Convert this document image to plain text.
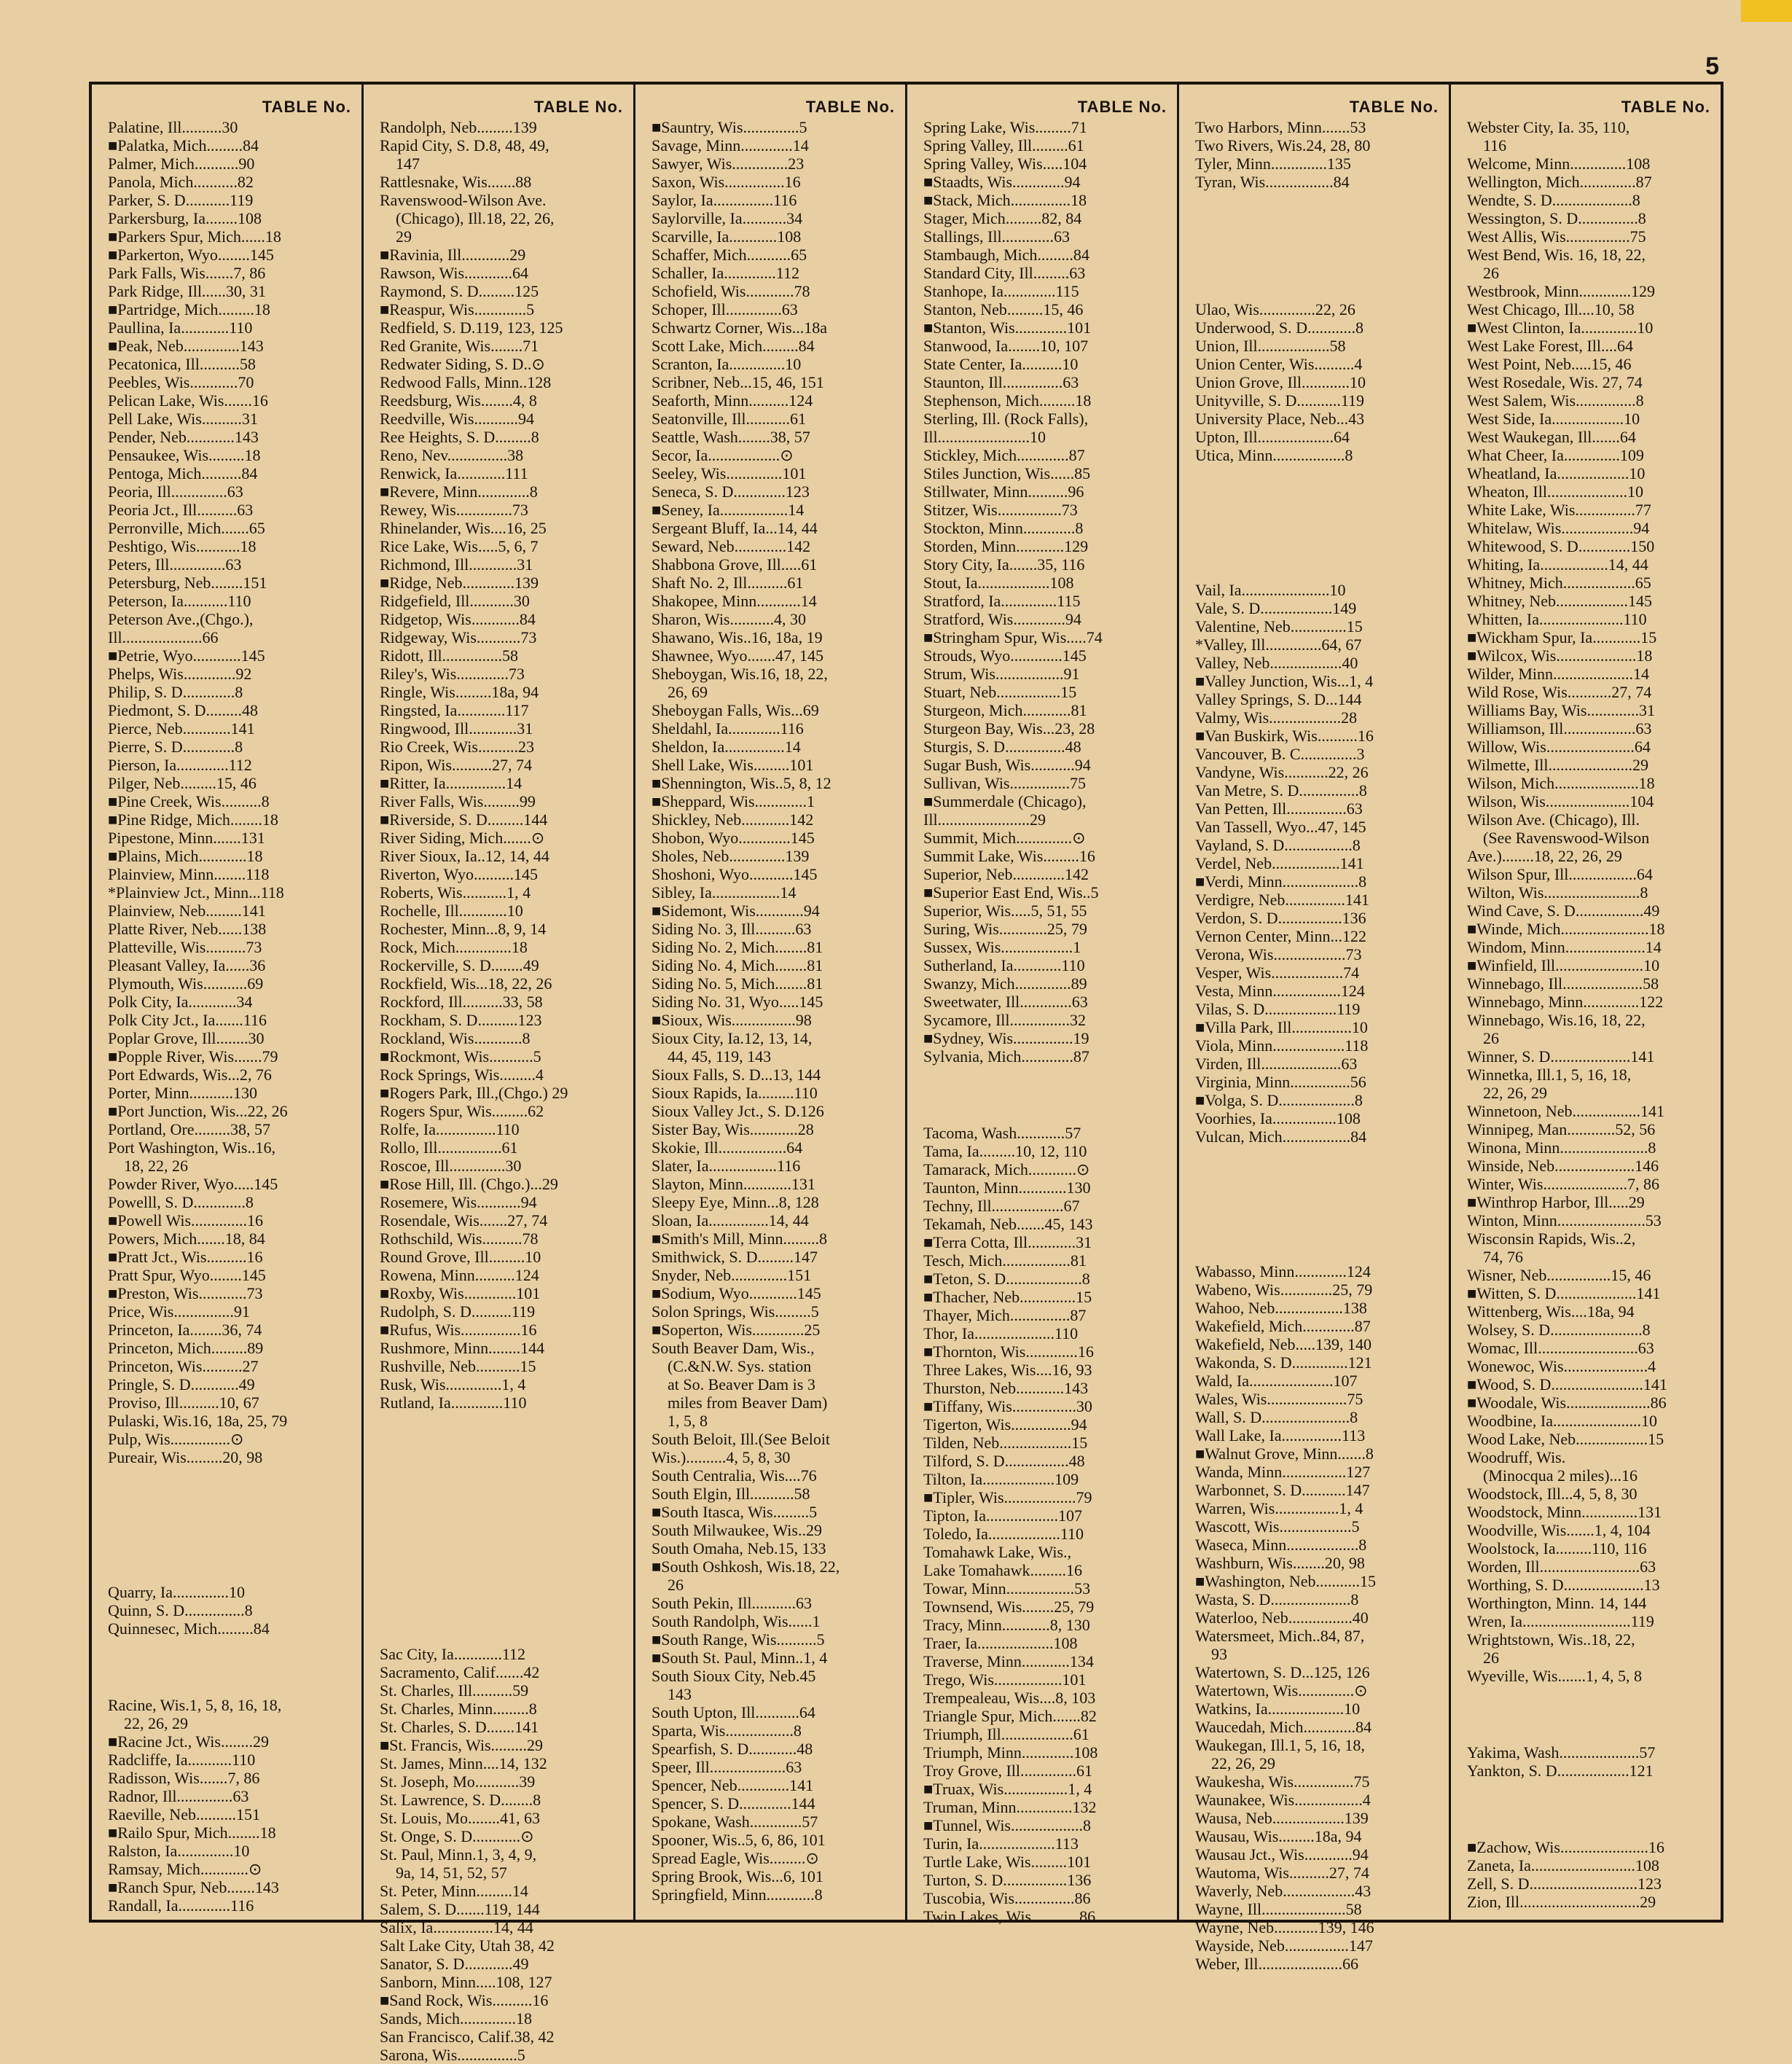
5
TABLE No.
Palatine, Ill..........30
■Palatka, Mich.........84
Palmer, Mich...........90
Panola, Mich...........82
Parker, S. D...........119
Parkersburg, Ia........108
■Parkers Spur, Mich......18
■Parkerton, Wyo........145
Park Falls, Wis.......7, 86
Park Ridge, Ill......30, 31
■Partridge, Mich.........18
Paullina, Ia............110
■Peak, Neb..............143
Pecatonica, Ill..........58
Peebles, Wis............70
Pelican Lake, Wis.......16
Pell Lake, Wis..........31
Pender, Neb............143
Pensaukee, Wis.........18
Pentoga, Mich..........84
Peoria, Ill..............63
Peoria Jct., Ill..........63
Perronville, Mich.......65
Peshtigo, Wis...........18
Peters, Ill..............63
Petersburg, Neb........151
Peterson, Ia...........110
Peterson Ave.,(Chgo.),
Ill....................66
■Petrie, Wyo............145
Phelps, Wis.............92
Philip, S. D.............8
Piedmont, S. D.........48
Pierce, Neb............141
Pierre, S. D.............8
Pierson, Ia.............112
Pilger, Neb.........15, 46
■Pine Creek, Wis..........8
■Pine Ridge, Mich........18
Pipestone, Minn.......131
■Plains, Mich............18
Plainview, Minn........118
*Plainview Jct., Minn...118
Plainview, Neb.........141
Platte River, Neb......138
Platteville, Wis..........73
Pleasant Valley, Ia......36
Plymouth, Wis...........69
Polk City, Ia............34
Polk City Jct., Ia.......116
Poplar Grove, Ill........30
■Popple River, Wis.......79
Port Edwards, Wis...2, 76
Porter, Minn...........130
■Port Junction, Wis...22, 26
Portland, Ore.........38, 57
Port Washington, Wis..16,
18, 22, 26
Powder River, Wyo.....145
Powelll, S. D.............8
■Powell Wis..............16
Powers, Mich.......18, 84
■Pratt Jct., Wis..........16
Pratt Spur, Wyo........145
■Preston, Wis............73
Price, Wis...............91
Princeton, Ia........36, 74
Princeton, Mich.........89
Princeton, Wis..........27
Pringle, S. D............49
Proviso, Ill..........10, 67
Pulaski, Wis.16, 18a, 25, 79
Pulp, Wis...............⊙
Pureair, Wis.........20, 98
Quarry, Ia..............10
Quinn, S. D...............8
Quinnesec, Mich.........84
Racine, Wis.1, 5, 8, 16, 18,
22, 26, 29
■Racine Jct., Wis........29
Radcliffe, Ia...........110
Radisson, Wis.......7, 86
Radnor, Ill..............63
Raeville, Neb..........151
■Railo Spur, Mich........18
Ralston, Ia..............10
Ramsay, Mich............⊙
■Ranch Spur, Neb.......143
Randall, Ia.............116
TABLE No.
Randolph, Neb.........139
Rapid City, S. D.8, 48, 49,
147
Rattlesnake, Wis.......88
Ravenswood-Wilson Ave.
(Chicago), Ill.18, 22, 26,
29
■Ravinia, Ill............29
Rawson, Wis............64
Raymond, S. D.........125
■Reaspur, Wis.............5
Redfield, S. D.119, 123, 125
Red Granite, Wis........71
Redwater Siding, S. D..⊙
Redwood Falls, Minn..128
Reedsburg, Wis........4, 8
Reedville, Wis...........94
Ree Heights, S. D.........8
Reno, Nev...............38
Renwick, Ia............111
■Revere, Minn.............8
Rewey, Wis..............73
Rhinelander, Wis....16, 25
Rice Lake, Wis.....5, 6, 7
Richmond, Ill............31
■Ridge, Neb.............139
Ridgefield, Ill...........30
Ridgetop, Wis............84
Ridgeway, Wis...........73
Ridott, Ill...............58
Riley's, Wis.............73
Ringle, Wis.........18a, 94
Ringsted, Ia............117
Ringwood, Ill............31
Rio Creek, Wis..........23
Ripon, Wis..........27, 74
■Ritter, Ia...............14
River Falls, Wis.........99
■Riverside, S. D.........144
River Siding, Mich.......⊙
River Sioux, Ia..12, 14, 44
Riverton, Wyo..........145
Roberts, Wis...........1, 4
Rochelle, Ill............10
Rochester, Minn...8, 9, 14
Rock, Mich..............18
Rockerville, S. D........49
Rockfield, Wis...18, 22, 26
Rockford, Ill..........33, 58
Rockham, S. D..........123
Rockland, Wis............8
■Rockmont, Wis...........5
Rock Springs, Wis.........4
■Rogers Park, Ill.,(Chgo.) 29
Rogers Spur, Wis.........62
Rolfe, Ia...............110
Rollo, Ill................61
Roscoe, Ill..............30
■Rose Hill, Ill. (Chgo.)...29
Rosemere, Wis...........94
Rosendale, Wis.......27, 74
Rothschild, Wis..........78
Round Grove, Ill.........10
Rowena, Minn..........124
■Roxby, Wis.............101
Rudolph, S. D..........119
■Rufus, Wis...............16
Rushmore, Minn........144
Rushville, Neb...........15
Rusk, Wis..............1, 4
Rutland, Ia.............110
Sac City, Ia............112
Sacramento, Calif.......42
St. Charles, Ill..........59
St. Charles, Minn.........8
St. Charles, S. D.......141
■St. Francis, Wis.........29
St. James, Minn....14, 132
St. Joseph, Mo...........39
St. Lawrence, S. D........8
St. Louis, Mo........41, 63
St. Onge, S. D............⊙
St. Paul, Minn.1, 3, 4, 9,
9a, 14, 51, 52, 57
St. Peter, Minn.........14
Salem, S. D.......119, 144
Salix, Ia...............14, 44
Salt Lake City, Utah 38, 42
Sanator, S. D............49
Sanborn, Minn.....108, 127
■Sand Rock, Wis..........16
Sands, Mich..............18
San Francisco, Calif.38, 42
Sarona, Wis...............5
TABLE No.
■Sauntry, Wis..............5
Savage, Minn.............14
Sawyer, Wis..............23
Saxon, Wis...............16
Saylor, Ia...............116
Saylorville, Ia...........34
Scarville, Ia............108
Schaffer, Mich...........65
Schaller, Ia.............112
Schofield, Wis............78
Schoper, Ill..............63
Schwartz Corner, Wis...18a
Scott Lake, Mich.........84
Scranton, Ia..............10
Scribner, Neb...15, 46, 151
Seaforth, Minn..........124
Seatonville, Ill...........61
Seattle, Wash........38, 57
Secor, Ia..................⊙
Seeley, Wis..............101
Seneca, S. D.............123
■Seney, Ia.................14
Sergeant Bluff, Ia...14, 44
Seward, Neb.............142
Shabbona Grove, Ill.....61
Shaft No. 2, Ill..........61
Shakopee, Minn...........14
Sharon, Wis...........4, 30
Shawano, Wis..16, 18a, 19
Shawnee, Wyo.......47, 145
Sheboygan, Wis.16, 18, 22,
26, 69
Sheboygan Falls, Wis...69
Sheldahl, Ia.............116
Sheldon, Ia...............14
Shell Lake, Wis.........101
■Shennington, Wis..5, 8, 12
■Sheppard, Wis.............1
Shickley, Neb............142
Shobon, Wyo.............145
Sholes, Neb..............139
Shoshoni, Wyo...........145
Sibley, Ia.................14
■Sidemont, Wis............94
Siding No. 3, Ill..........63
Siding No. 2, Mich........81
Siding No. 4, Mich........81
Siding No. 5, Mich........81
Siding No. 31, Wyo.....145
■Sioux, Wis................98
Sioux City, Ia.12, 13, 14,
44, 45, 119, 143
Sioux Falls, S. D...13, 144
Sioux Rapids, Ia.........110
Sioux Valley Jct., S. D.126
Sister Bay, Wis............28
Skokie, Ill.................64
Slater, Ia.................116
Slayton, Minn............131
Sleepy Eye, Minn...8, 128
Sloan, Ia...............14, 44
■Smith's Mill, Minn.........8
Smithwick, S. D.........147
Snyder, Neb..............151
■Sodium, Wyo............145
Solon Springs, Wis.........5
■Soperton, Wis.............25
South Beaver Dam, Wis.,
(C.&N.W. Sys. station
at So. Beaver Dam is 3
miles from Beaver Dam)
1, 5, 8
South Beloit, Ill.(See Beloit
Wis.)..........4, 5, 8, 30
South Centralia, Wis....76
South Elgin, Ill...........58
■South Itasca, Wis.........5
South Milwaukee, Wis..29
South Omaha, Neb.15, 133
■South Oshkosh, Wis.18, 22,
26
South Pekin, Ill...........63
South Randolph, Wis......1
■South Range, Wis..........5
■South St. Paul, Minn..1, 4
South Sioux City, Neb.45
143
South Upton, Ill...........64
Sparta, Wis.................8
Spearfish, S. D............48
Speer, Ill...................63
Spencer, Neb.............141
Spencer, S. D.............144
Spokane, Wash.............57
Spooner, Wis..5, 6, 86, 101
Spread Eagle, Wis.........⊙
Spring Brook, Wis...6, 101
Springfield, Minn............8
TABLE No.
Spring Lake, Wis.........71
Spring Valley, Ill.........61
Spring Valley, Wis.....104
■Staadts, Wis.............94
■Stack, Mich...............18
Stager, Mich.........82, 84
Stallings, Ill.............63
Stambaugh, Mich.........84
Standard City, Ill.........63
Stanhope, Ia.............115
Stanton, Neb.........15, 46
■Stanton, Wis.............101
Stanwood, Ia........10, 107
State Center, Ia..........10
Staunton, Ill...............63
Stephenson, Mich.........18
Sterling, Ill. (Rock Falls),
Ill.......................10
Stickley, Mich.............87
Stiles Junction, Wis......85
Stillwater, Minn..........96
Stitzer, Wis................73
Stockton, Minn.............8
Storden, Minn............129
Story City, Ia.......35, 116
Stout, Ia..................108
Stratford, Ia..............115
Stratford, Wis.............94
■Stringham Spur, Wis.....74
Strouds, Wyo.............145
Strum, Wis.................91
Stuart, Neb................15
Sturgeon, Mich............81
Sturgeon Bay, Wis...23, 28
Sturgis, S. D...............48
Sugar Bush, Wis...........94
Sullivan, Wis...............75
■Summerdale (Chicago),
Ill.......................29
Summit, Mich..............⊙
Summit Lake, Wis.........16
Superior, Neb.............142
■Superior East End, Wis..5
Superior, Wis.....5, 51, 55
Suring, Wis............25, 79
Sussex, Wis..................1
Sutherland, Ia............110
Swanzy, Mich..............89
Sweetwater, Ill.............63
Sycamore, Ill...............32
■Sydney, Wis...............19
Sylvania, Mich.............87
Tacoma, Wash............57
Tama, Ia.........10, 12, 110
Tamarack, Mich............⊙
Taunton, Minn............130
Techny, Ill..................67
Tekamah, Neb.......45, 143
■Terra Cotta, Ill............31
Tesch, Mich.................81
■Teton, S. D...................8
■Thacher, Neb..............15
Thayer, Mich...............87
Thor, Ia....................110
■Thornton, Wis.............16
Three Lakes, Wis....16, 93
Thurston, Neb............143
■Tiffany, Wis................30
Tigerton, Wis...............94
Tilden, Neb..................15
Tilford, S. D................48
Tilton, Ia..................109
■Tipler, Wis..................79
Tipton, Ia..................107
Toledo, Ia..................110
Tomahawk Lake, Wis.,
Lake Tomahawk.........16
Towar, Minn.................53
Townsend, Wis........25, 79
Tracy, Minn............8, 130
Traer, Ia...................108
Traverse, Minn............134
Trego, Wis.................101
Trempealeau, Wis....8, 103
Triangle Spur, Mich.......82
Triumph, Ill..................61
Triumph, Minn.............108
Troy Grove, Ill..............61
■Truax, Wis................1, 4
Truman, Minn..............132
■Tunnel, Wis..................8
Turin, Ia...................113
Turtle Lake, Wis.........101
Turton, S. D................136
Tuscobia, Wis...............86
Twin Lakes, Wis............86
TABLE No.
Two Harbors, Minn.......53
Two Rivers, Wis.24, 28, 80
Tyler, Minn..............135
Tyran, Wis.................84
Ulao, Wis..............22, 26
Underwood, S. D............8
Union, Ill..................58
Union Center, Wis..........4
Union Grove, Ill............10
Unityville, S. D...........119
University Place, Neb...43
Upton, Ill...................64
Utica, Minn..................8
Vail, Ia......................10
Vale, S. D..................149
Valentine, Neb..............15
*Valley, Ill..............64, 67
Valley, Neb..................40
■Valley Junction, Wis...1, 4
Valley Springs, S. D...144
Valmy, Wis..................28
■Van Buskirk, Wis..........16
Vancouver, B. C..............3
Vandyne, Wis...........22, 26
Van Metre, S. D...............8
Van Petten, Ill...............63
Van Tassell, Wyo...47, 145
Vayland, S. D.................8
Verdel, Neb.................141
■Verdi, Minn...................8
Verdigre, Neb...............141
Verdon, S. D................136
Vernon Center, Minn...122
Verona, Wis..................73
Vesper, Wis..................74
Vesta, Minn.................124
Vilas, S. D..................119
■Villa Park, Ill...............10
Viola, Minn..................118
Virden, Ill....................63
Virginia, Minn...............56
■Volga, S. D...................8
Voorhies, Ia................108
Vulcan, Mich.................84
Wabasso, Minn.............124
Wabeno, Wis.............25, 79
Wahoo, Neb.................138
Wakefield, Mich.............87
Wakefield, Neb.....139, 140
Wakonda, S. D..............121
Wald, Ia.....................107
Wales, Wis....................75
Wall, S. D......................8
Wall Lake, Ia...............113
■Walnut Grove, Minn.......8
Wanda, Minn................127
Warbonnet, S. D...........147
Warren, Wis................1, 4
Wascott, Wis..................5
Waseca, Minn..................8
Washburn, Wis........20, 98
■Washington, Neb...........15
Wasta, S. D....................8
Waterloo, Neb................40
Watersmeet, Mich..84, 87,
93
Watertown, S. D...125, 126
Watertown, Wis..............⊙
Watkins, Ia...................10
Waucedah, Mich.............84
Waukegan, Ill.1, 5, 16, 18,
22, 26, 29
Waukesha, Wis...............75
Waunakee, Wis.................4
Wausa, Neb..................139
Wausau, Wis.........18a, 94
Wausau Jct., Wis............94
Wautoma, Wis..........27, 74
Waverly, Neb..................43
Wayne, Ill.....................58
Wayne, Neb...........139, 146
Wayside, Neb................147
Weber, Ill.....................66
TABLE No.
Webster City, Ia. 35, 110,
116
Welcome, Minn..............108
Wellington, Mich..............87
Wendte, S. D....................8
Wessington, S. D...............8
West Allis, Wis................75
West Bend, Wis. 16, 18, 22,
26
Westbrook, Minn.............129
West Chicago, Ill....10, 58
■West Clinton, Ia..............10
West Lake Forest, Ill....64
West Point, Neb.....15, 46
West Rosedale, Wis. 27, 74
West Salem, Wis...............8
West Side, Ia..................10
West Waukegan, Ill.......64
What Cheer, Ia..............109
Wheatland, Ia..................10
Wheaton, Ill....................10
White Lake, Wis...............77
Whitelaw, Wis..................94
Whitewood, S. D.............150
Whiting, Ia.................14, 44
Whitney, Mich..................65
Whitney, Neb..................145
Whitten, Ia.....................110
■Wickham Spur, Ia............15
■Wilcox, Wis....................18
Wilder, Minn....................14
Wild Rose, Wis...........27, 74
Williams Bay, Wis.............31
Williamson, Ill..................63
Willow, Wis......................64
Wilmette, Ill.....................29
Wilson, Mich.....................18
Wilson, Wis.....................104
Wilson Ave. (Chicago), Ill.
(See Ravenswood-Wilson
Ave.)........18, 22, 26, 29
Wilson Spur, Ill.................64
Wilton, Wis........................8
Wind Cave, S. D.................49
■Winde, Mich......................18
Windom, Minn....................14
■Winfield, Ill......................10
Winnebago, Ill....................58
Winnebago, Minn..............122
Winnebago, Wis.16, 18, 22,
26
Winner, S. D....................141
Winnetka, Ill.1, 5, 16, 18,
22, 26, 29
Winnetoon, Neb.................141
Winnipeg, Man............52, 56
Winona, Minn......................8
Winside, Neb....................146
Winter, Wis.....................7, 86
■Winthrop Harbor, Ill.....29
Winton, Minn......................53
Wisconsin Rapids, Wis..2,
74, 76
Wisner, Neb................15, 46
■Witten, S. D....................141
Wittenberg, Wis....18a, 94
Wolsey, S. D.......................8
Womac, Ill.........................63
Wonewoc, Wis.....................4
■Wood, S. D.......................141
■Woodale, Wis.....................86
Woodbine, Ia......................10
Wood Lake, Neb..................15
Woodruff, Wis.
(Minocqua 2 miles)...16
Woodstock, Ill...4, 5, 8, 30
Woodstock, Minn..............131
Woodville, Wis.......1, 4, 104
Woolstock, Ia.........110, 116
Worden, Ill.........................63
Worthing, S. D....................13
Worthington, Minn. 14, 144
Wren, Ia...........................119
Wrightstown, Wis..18, 22,
26
Wyeville, Wis.......1, 4, 5, 8
Yakima, Wash....................57
Yankton, S. D..................121
■Zachow, Wis......................16
Zaneta, Ia..........................108
Zell, S. D...........................123
Zion, Ill..............................29
